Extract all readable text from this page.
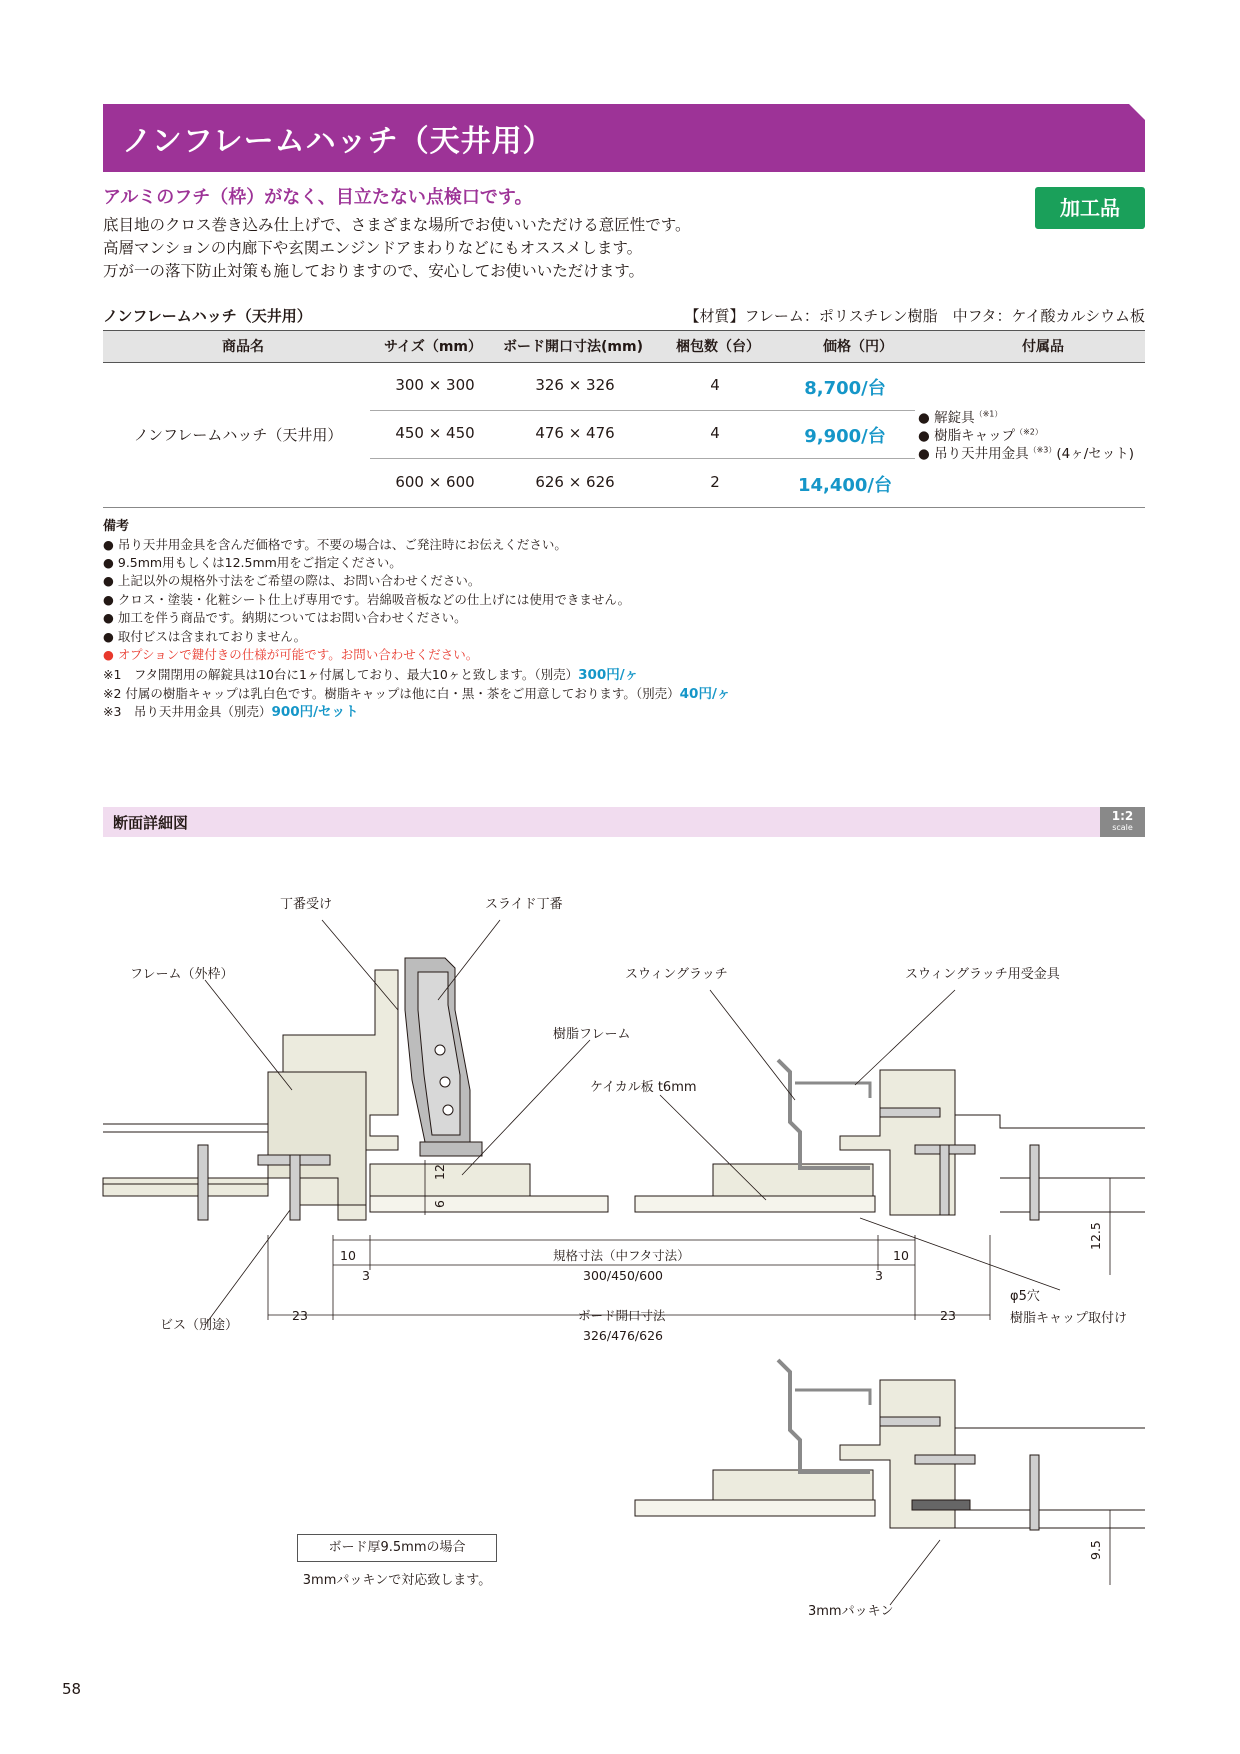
ノンフレームハッチ（天井用）
アルミのフチ（枠）がなく、目立たない点検口です。
底目地のクロス巻き込み仕上げで、さまざまな場所でお使いいただける意匠性です。
高層マンションの内廊下や玄関エンジンドアまわりなどにもオススメします。
万が一の落下防止対策も施しておりますので、安心してお使いいただけます。
加工品
ノンフレームハッチ（天井用）	【材質】フレーム：ポリスチレン樹脂　中フタ：ケイ酸カルシウム板
商品名	サイズ（mm）	ボード開口寸法(mm)	梱包数（台）	価格（円）	付属品
ノンフレームハッチ（天井用）
300 × 300	326 × 326	4	8,700/台
450 × 450	476 × 476	4	9,900/台
600 × 600	626 × 626	2	14,400/台
● 解錠具$^{(※1)}$
● 樹脂キャップ$^{(※2)}$
● 吊り天井用金具$^{(※3)}$(4ヶ/セット)
備考
● 吊り天井用金具を含んだ価格です。不要の場合は、ご発注時にお伝えください。
● 9.5mm用もしくは12.5mm用をご指定ください。
● 上記以外の規格外寸法をご希望の際は、お問い合わせください。
● クロス・塗装・化粧シート仕上げ専用です。岩綿吸音板などの仕上げには使用できません。
● 加工を伴う商品です。納期についてはお問い合わせください。
● 取付ビスは含まれておりません。
● オプションで鍵付きの仕様が可能です。お問い合わせください。
※1　フタ開閉用の解錠具は10台に1ヶ付属しており、最大10ヶと致します。（別売）300円/ヶ
※2 付属の樹脂キャップは乳白色です。樹脂キャップは他に白・黒・茶をご用意しております。（別売）40円/ヶ
※3　吊り天井用金具（別売）900円/セット
断面詳細図	1:2
scale
丁番受け	スライド丁番
フレーム（外枠）
樹脂フレーム
スウィングラッチ	スウィングラッチ用受金具
ケイカル板 t6mm
ビス（別途）
φ5穴
樹脂キャップ取付け
3mmパッキン
12
6
10
3
規格寸法（中フタ寸法）
300/450/600	3
10
23	ボード開口寸法
326/476/626
23
12.5
9.5
ボード厚9.5mmの場合
3mmパッキンで対応致します。
58
